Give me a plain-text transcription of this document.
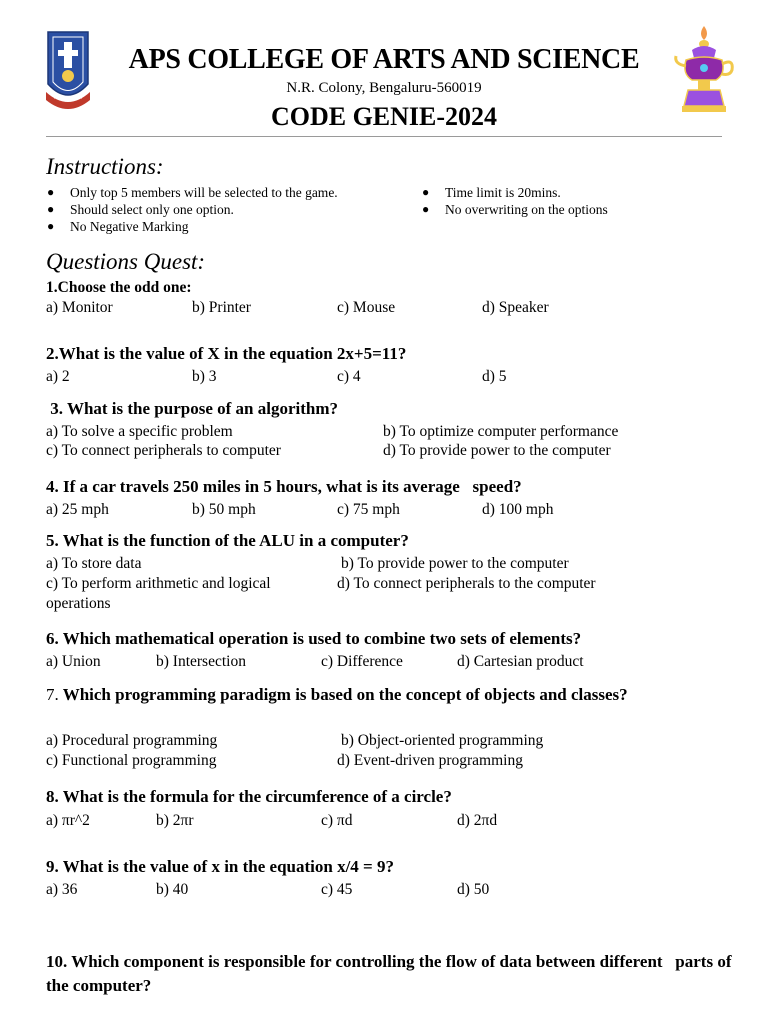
APS COLLEGE OF ARTS AND SCIENCE
N.R. Colony, Bengaluru-560019
CODE GENIE-2024
Instructions:
● Only top 5 members will be selected to the game.
● Should select only one option.
● No Negative Marking
● Time limit is 20mins.
● No overwriting on the options
Questions Quest:
1.Choose the odd one:
a) Monitor	b) Printer	c) Mouse	d) Speaker
2.What is the value of X in the equation 2x+5=11?
a) 2	b) 3	c) 4	d) 5
3. What is the purpose of an algorithm?
a) To solve a specific problem	b) To optimize computer performance
c) To connect peripherals to computer	d) To provide power to the computer
4. If a car travels 250 miles in 5 hours, what is its average   speed?
a) 25 mph	b) 50 mph	c) 75 mph	d) 100 mph
5. What is the function of the ALU in a computer?
a) To store data	b) To provide power to the computer
c) To perform arithmetic and logical operations
d) To connect peripherals to the computer
6. Which mathematical operation is used to combine two sets of elements?
a) Union	b) Intersection	c) Difference	d) Cartesian product
7. Which programming paradigm is based on the concept of objects and classes?
a) Procedural programming	b) Object-oriented programming
c) Functional programming	d) Event-driven programming
8. What is the formula for the circumference of a circle?
a) πr^2	b) 2πr	c) πd	d) 2πd
9. What is the value of x in the equation x/4 = 9?
a) 36	b) 40	c) 45	d) 50
10. Which component is responsible for controlling the flow of data between different   parts of the computer?
